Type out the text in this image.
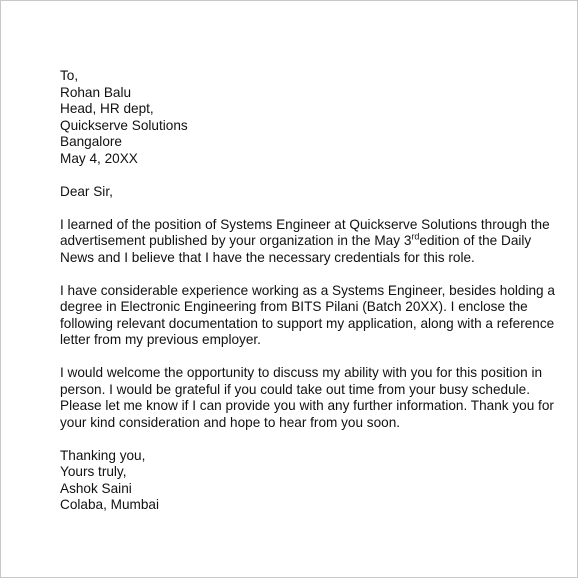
To,
Rohan Balu
Head, HR dept,
Quickserve Solutions
Bangalore
May 4, 20XX
Dear Sir,
I learned of the position of Systems Engineer at Quickserve Solutions through the
advertisement published by your organization in the May 3rdedition of the Daily
News and I believe that I have the necessary credentials for this role.
I have considerable experience working as a Systems Engineer, besides holding a
degree in Electronic Engineering from BITS Pilani (Batch 20XX). I enclose the
following relevant documentation to support my application, along with a reference
letter from my previous employer.
I would welcome the opportunity to discuss my ability with you for this position in
person. I would be grateful if you could take out time from your busy schedule.
Please let me know if I can provide you with any further information. Thank you for
your kind consideration and hope to hear from you soon.
Thanking you,
Yours truly,
Ashok Saini
Colaba, Mumbai
